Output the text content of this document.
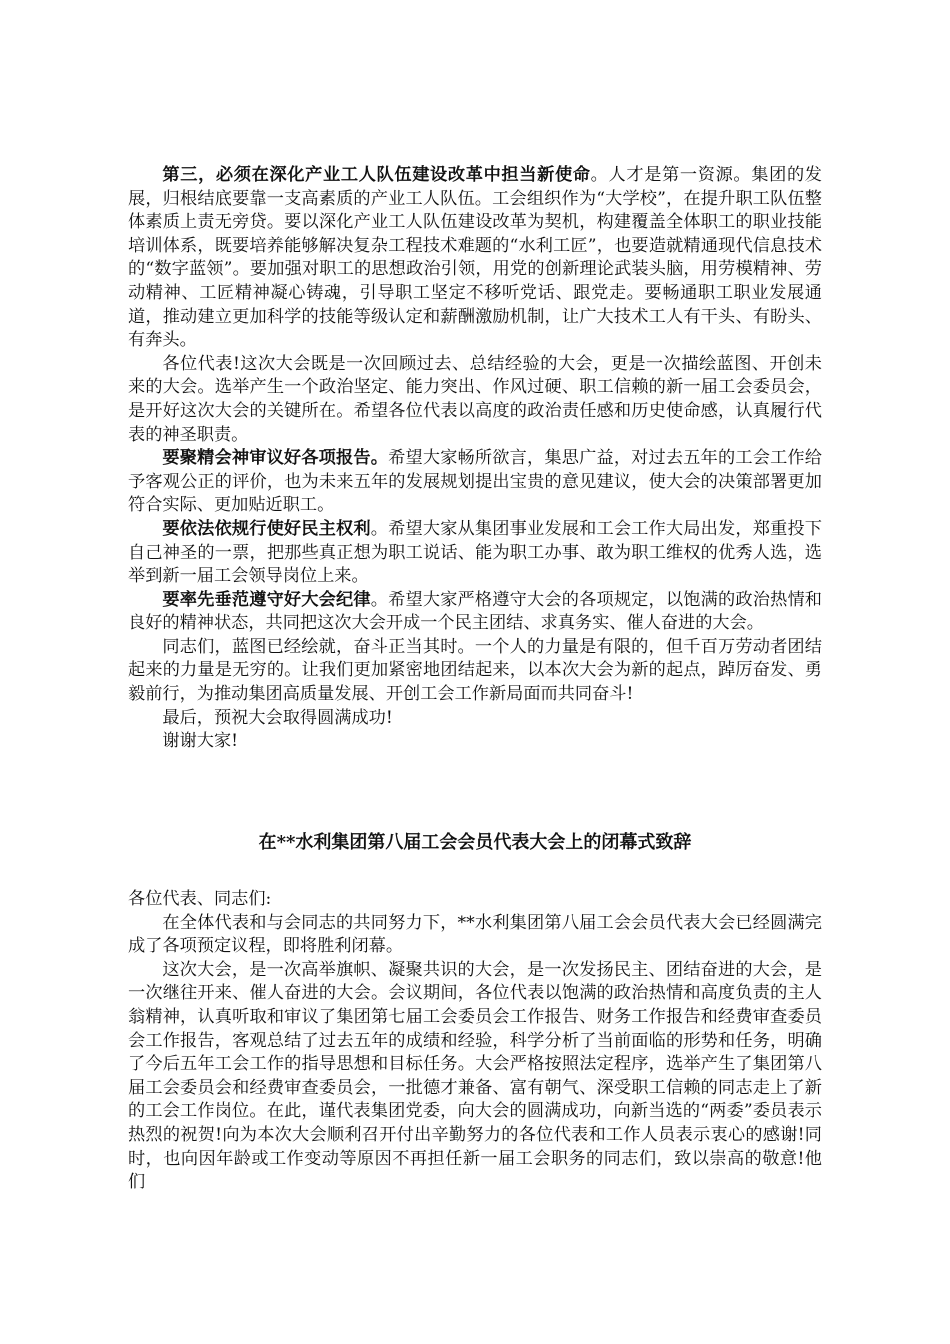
第三，必须在深化产业工人队伍建设改革中担当新使命。人才是第一资源。集团的发展，归根结底要靠一支高素质的产业工人队伍。工会组织作为“大学校”，在提升职工队伍整体素质上责无旁贷。要以深化产业工人队伍建设改革为契机，构建覆盖全体职工的职业技能培训体系，既要培养能够解决复杂工程技术难题的“水利工匠”，也要造就精通现代信息技术的“数字蓝领”。要加强对职工的思想政治引领，用党的创新理论武装头脑，用劳模精神、劳动精神、工匠精神凝心铸魂，引导职工坚定不移听党话、跟党走。要畅通职工职业发展通道，推动建立更加科学的技能等级认定和薪酬激励机制，让广大技术工人有干头、有盼头、有奔头。

各位代表!这次大会既是一次回顾过去、总结经验的大会，更是一次描绘蓝图、开创未来的大会。选举产生一个政治坚定、能力突出、作风过硬、职工信赖的新一届工会委员会，是开好这次大会的关键所在。希望各位代表以高度的政治责任感和历史使命感，认真履行代表的神圣职责。

要聚精会神审议好各项报告。希望大家畅所欲言，集思广益，对过去五年的工会工作给予客观公正的评价，也为未来五年的发展规划提出宝贵的意见建议，使大会的决策部署更加符合实际、更加贴近职工。

要依法依规行使好民主权利。希望大家从集团事业发展和工会工作大局出发，郑重投下自己神圣的一票，把那些真正想为职工说话、能为职工办事、敢为职工维权的优秀人选，选举到新一届工会领导岗位上来。

要率先垂范遵守好大会纪律。希望大家严格遵守大会的各项规定，以饱满的政治热情和良好的精神状态，共同把这次大会开成一个民主团结、求真务实、催人奋进的大会。

同志们，蓝图已经绘就，奋斗正当其时。一个人的力量是有限的，但千百万劳动者团结起来的力量是无穷的。让我们更加紧密地团结起来，以本次大会为新的起点，踔厉奋发、勇毅前行，为推动集团高质量发展、开创工会工作新局面而共同奋斗!

最后，预祝大会取得圆满成功!

谢谢大家!

在**水利集团第八届工会会员代表大会上的闭幕式致辞

各位代表、同志们:

在全体代表和与会同志的共同努力下，**水利集团第八届工会会员代表大会已经圆满完成了各项预定议程，即将胜利闭幕。

这次大会，是一次高举旗帜、凝聚共识的大会，是一次发扬民主、团结奋进的大会，是一次继往开来、催人奋进的大会。会议期间，各位代表以饱满的政治热情和高度负责的主人翁精神，认真听取和审议了集团第七届工会委员会工作报告、财务工作报告和经费审查委员会工作报告，客观总结了过去五年的成绩和经验，科学分析了当前面临的形势和任务，明确了今后五年工会工作的指导思想和目标任务。大会严格按照法定程序，选举产生了集团第八届工会委员会和经费审查委员会，一批德才兼备、富有朝气、深受职工信赖的同志走上了新的工会工作岗位。在此，谨代表集团党委，向大会的圆满成功，向新当选的“两委”委员表示热烈的祝贺!向为本次大会顺利召开付出辛勤努力的各位代表和工作人员表示衷心的感谢!同时，也向因年龄或工作变动等原因不再担任新一届工会职务的同志们，致以崇高的敬意!他们
